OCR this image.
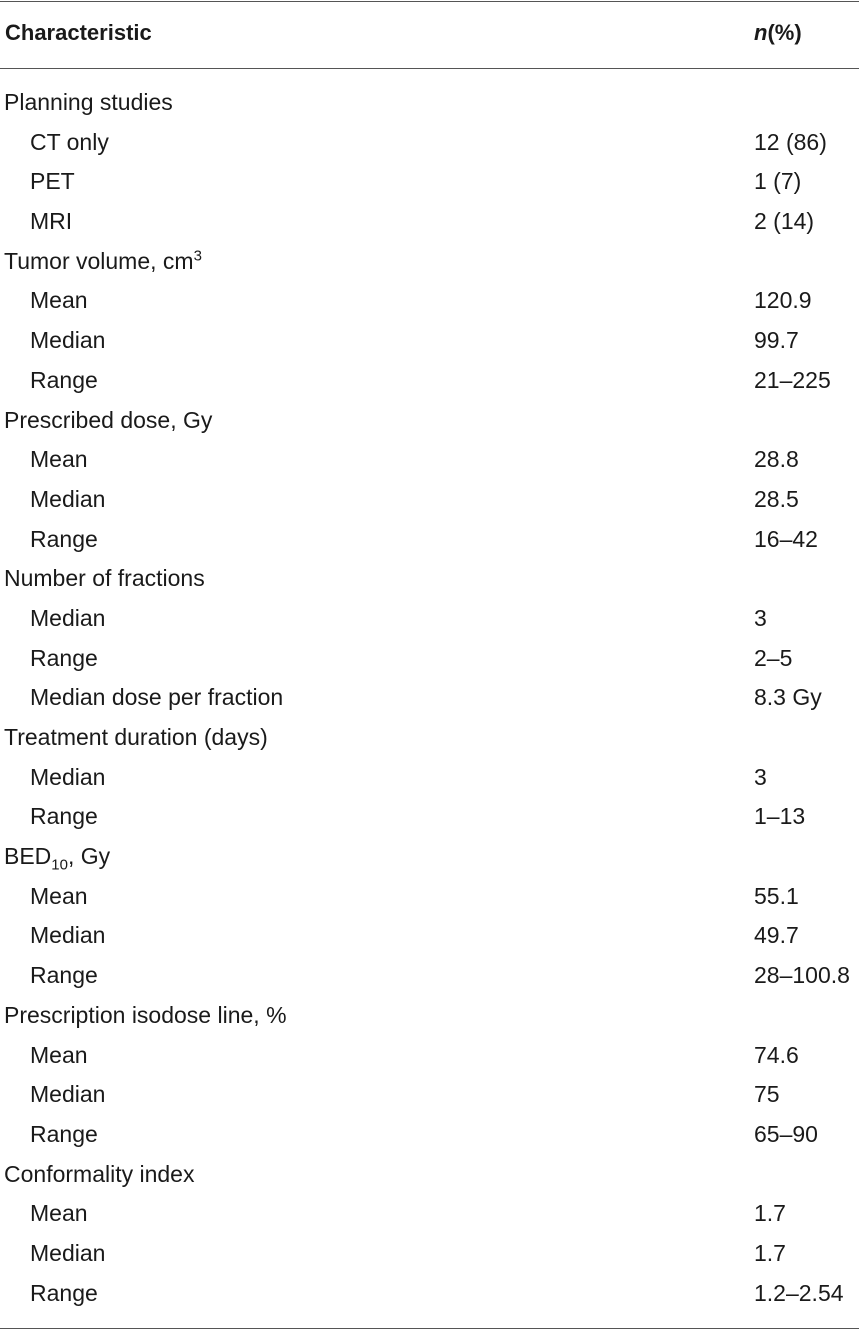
Characteristic	n(%)
Planning studies
CT only	12 (86)
PET	1 (7)
MRI	2 (14)
Tumor volume, $cm^3$
Mean	120.9
Median	99.7
Range	21–225
Prescribed dose, Gy
Mean	28.8
Median	28.5
Range	16–42
Number of fractions
Median	3
Range	2–5
Median dose per fraction	8.3 Gy
Treatment duration (days)
Median	3
Range	1–13
$BED_{10}$, Gy
Mean	55.1
Median	49.7
Range	28–100.8
Prescription isodose line, %
Mean	74.6
Median	75
Range	65–90
Conformality index
Mean	1.7
Median	1.7
Range	1.2–2.54
